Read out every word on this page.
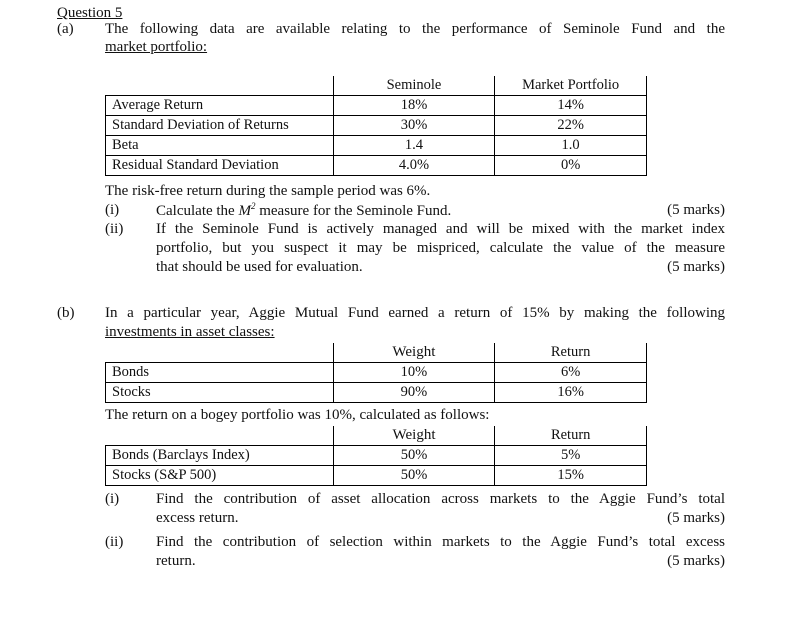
Question 5
(a) The following data are available relating to the performance of Seminole Fund and the
market portfolio:
	Seminole	Market Portfolio
Average Return	18%	14%
Standard Deviation of Returns	30%	22%
Beta	1.4	1.0
Residual Standard Deviation	4.0%	0%
The risk-free return during the sample period was 6%.
(i) Calculate the $M^2$ measure for the Seminole Fund.	(5 marks)
(ii) If the Seminole Fund is actively managed and will be mixed with the market index
portfolio, but you suspect it may be mispriced, calculate the value of the measure
that should be used for evaluation.	(5 marks)
(b) In a particular year, Aggie Mutual Fund earned a return of 15% by making the following
investments in asset classes:
	Weight	Return
Bonds	10%	6%
Stocks	90%	16%
The return on a bogey portfolio was 10%, calculated as follows:
	Weight	Return
Bonds (Barclays Index)	50%	5%
Stocks (S&P 500)	50%	15%
(i) Find the contribution of asset allocation across markets to the Aggie Fund’s total
excess return.	(5 marks)
(ii) Find the contribution of selection within markets to the Aggie Fund’s total excess
return.	(5 marks)
